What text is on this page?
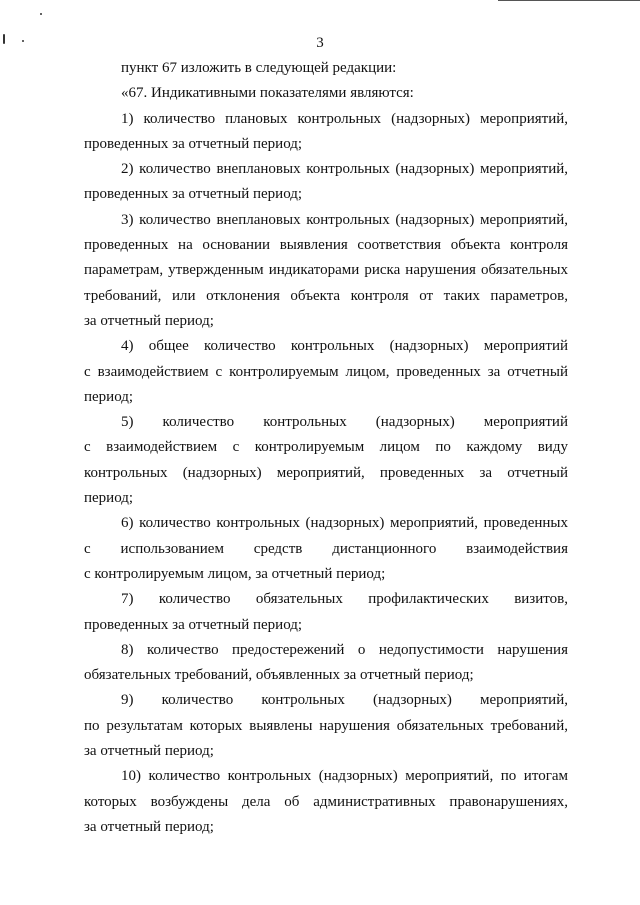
3
пункт 67 изложить в следующей редакции:
«67. Индикативными показателями являются:
1) количество плановых контрольных (надзорных) мероприятий,
проведенных за отчетный период;
2) количество внеплановых контрольных (надзорных) мероприятий,
проведенных за отчетный период;
3) количество внеплановых контрольных (надзорных) мероприятий,
проведенных на основании выявления соответствия объекта контроля
параметрам, утвержденным индикаторами риска нарушения обязательных
требований, или отклонения объекта контроля от таких параметров,
за отчетный период;
4) общее количество контрольных (надзорных) мероприятий
с взаимодействием с контролируемым лицом, проведенных за отчетный
период;
5) количество контрольных (надзорных) мероприятий
с взаимодействием с контролируемым лицом по каждому виду
контрольных (надзорных) мероприятий, проведенных за отчетный
период;
6) количество контрольных (надзорных) мероприятий, проведенных
с использованием средств дистанционного взаимодействия
с контролируемым лицом, за отчетный период;
7) количество обязательных профилактических визитов,
проведенных за отчетный период;
8) количество предостережений о недопустимости нарушения
обязательных требований, объявленных за отчетный период;
9) количество контрольных (надзорных) мероприятий,
по результатам которых выявлены нарушения обязательных требований,
за отчетный период;
10) количество контрольных (надзорных) мероприятий, по итогам
которых возбуждены дела об административных правонарушениях,
за отчетный период;
